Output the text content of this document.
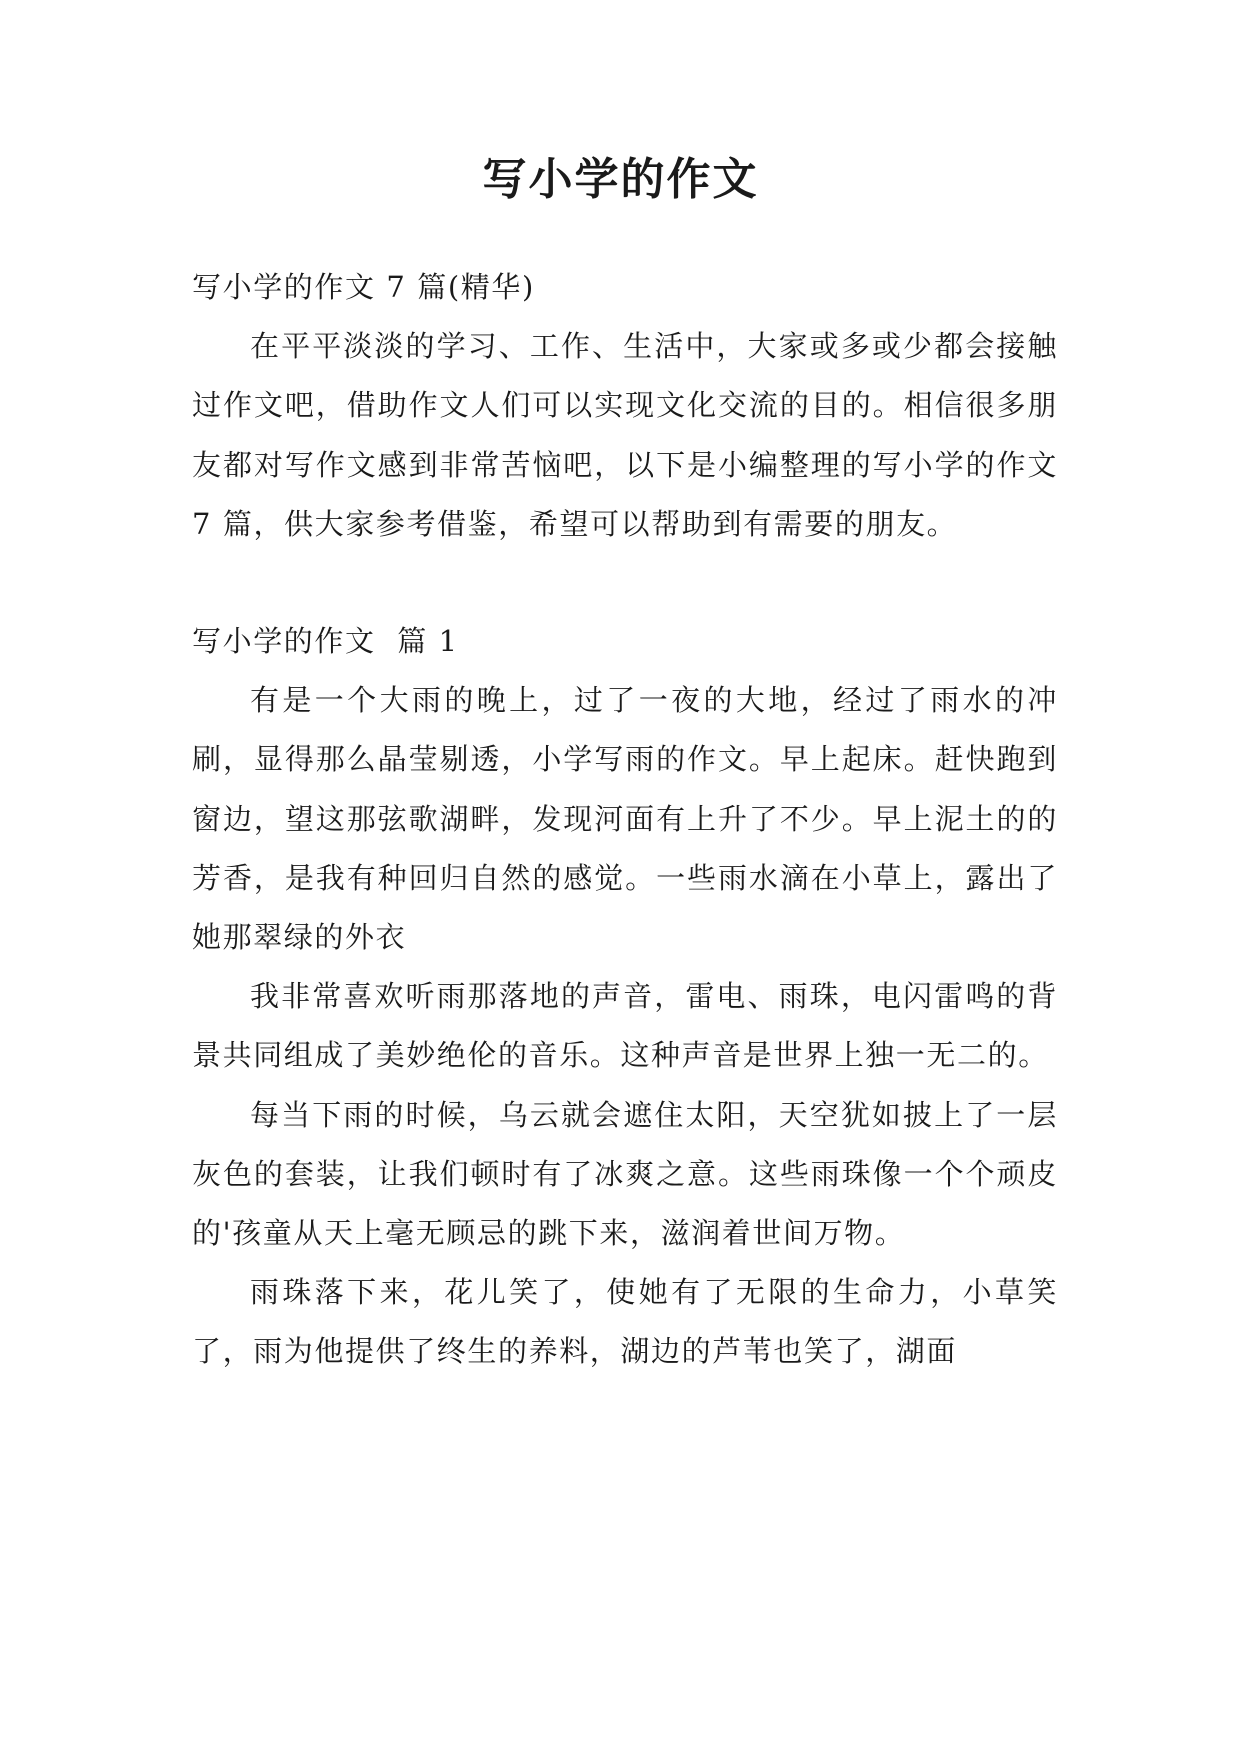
写小学的作文

写小学的作文 7 篇(精华)

在平平淡淡的学习、工作、生活中，大家或多或少都会接触过作文吧，借助作文人们可以实现文化交流的目的。相信很多朋友都对写作文感到非常苦恼吧，以下是小编整理的写小学的作文 7 篇，供大家参考借鉴，希望可以帮助到有需要的朋友。

写小学的作文  篇 1

有是一个大雨的晚上，过了一夜的大地，经过了雨水的冲刷，显得那么晶莹剔透，小学写雨的作文。早上起床。赶快跑到窗边，望这那弦歌湖畔，发现河面有上升了不少。早上泥土的的芳香，是我有种回归自然的感觉。一些雨水滴在小草上，露出了她那翠绿的外衣

我非常喜欢听雨那落地的声音，雷电、雨珠，电闪雷鸣的背景共同组成了美妙绝伦的音乐。这种声音是世界上独一无二的。

每当下雨的时候，乌云就会遮住太阳，天空犹如披上了一层灰色的套装，让我们顿时有了冰爽之意。这些雨珠像一个个顽皮的'孩童从天上毫无顾忌的跳下来，滋润着世间万物。

雨珠落下来，花儿笑了，使她有了无限的生命力，小草笑了，雨为他提供了终生的养料，湖边的芦苇也笑了，湖面
